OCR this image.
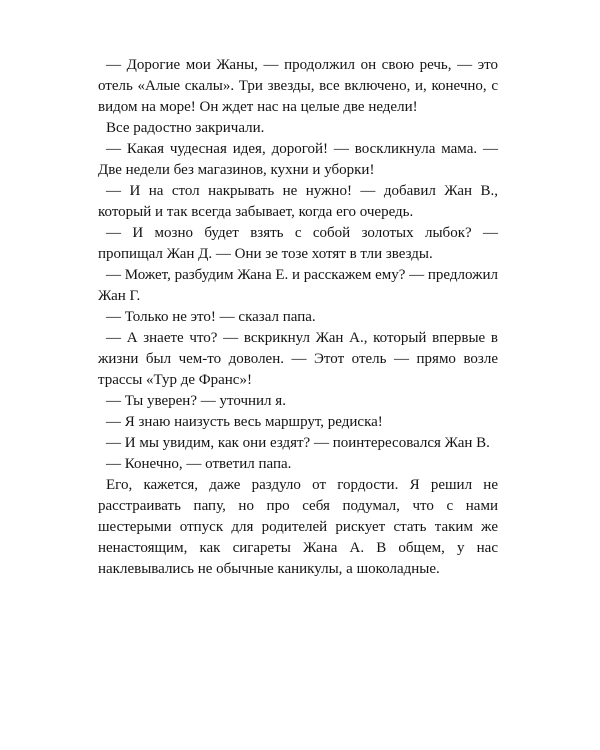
— Дорогие мои Жаны, — продолжил он свою речь, — это отель «Алые скалы». Три звезды, все включено, и, конечно, с видом на море! Он ждет нас на целые две недели!

Все радостно закричали.

— Какая чудесная идея, дорогой! — воскликнула мама. — Две недели без магазинов, кухни и уборки!

— И на стол накрывать не нужно! — добавил Жан В., который и так всегда забывает, когда его очередь.

— И мозно будет взять с собой золотых лыбок? — пропищал Жан Д. — Они зе тозе хотят в тли звезды.

— Может, разбудим Жана Е. и расскажем ему? — предложил Жан Г.

— Только не это! — сказал папа.

— А знаете что? — вскрикнул Жан А., который впервые в жизни был чем-то доволен. — Этот отель — прямо возле трассы «Тур де Франс»!

— Ты уверен? — уточнил я.

— Я знаю наизусть весь маршрут, редиска!

— И мы увидим, как они ездят? — поинтересовался Жан В.

— Конечно, — ответил папа.

Его, кажется, даже раздуло от гордости. Я решил не расстраивать папу, но про себя подумал, что с нами шестерыми отпуск для родителей рискует стать таким же ненастоящим, как сигареты Жана А. В общем, у нас наклевывались не обычные каникулы, а шоколадные.
